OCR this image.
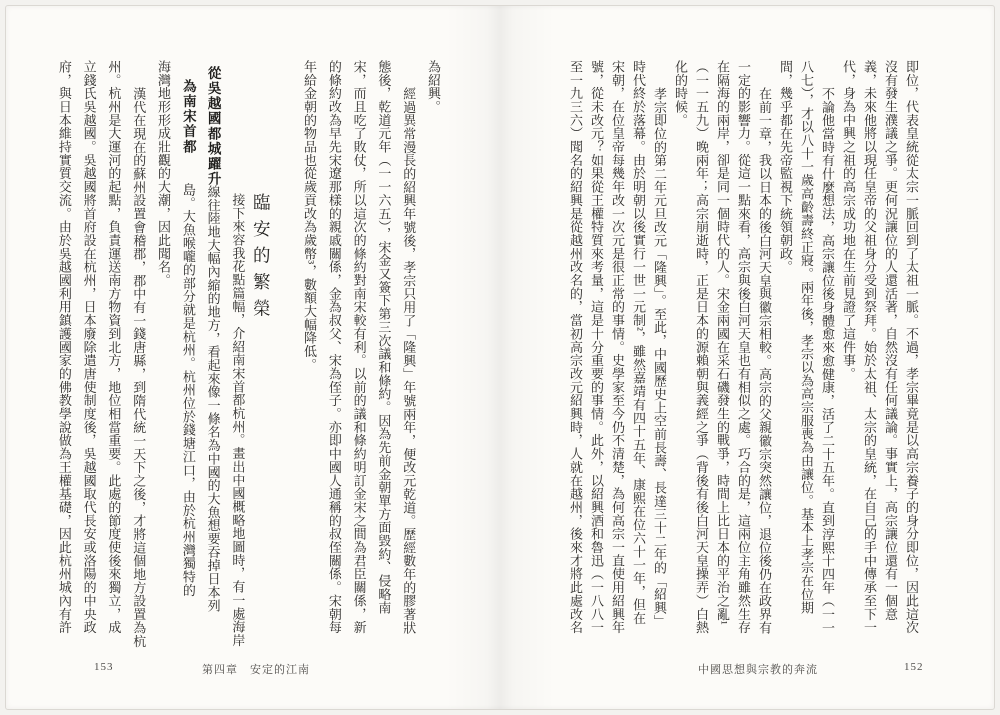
即位，代表皇統從太宗一脈回到了太祖一脈。不過，孝宗畢竟是以高宗養子的身分即位，因此這次
沒有發生濮議之爭。更何況讓位的人還活著，自然沒有任何議論。事實上，高宗讓位還有一個意
義，未來他將以現任皇帝的父祖身分受到祭拜。始於太祖、太宗的皇統，在自己的手中傳承至下一
代，身為中興之祖的高宗成功地在生前見證了這件事。
不論他當時有什麼想法，高宗讓位後身體愈來愈健康，活了二十五年。直到淳熙十四年（一一
八七），才以八十一歲高齡壽終正寢。兩年後，孝宗以為高宗服喪為由讓位。基本上孝宗在位期
間，幾乎都在先帝監視下統領朝政。
在前一章，我以日本的後白河天皇與徽宗相較。高宗的父親徽宗突然讓位，退位後仍在政界有
一定的影響力。從這一點來看，高宗與後白河天皇也有相似之處。巧合的是，這兩位主角雖然生存
在隔海的兩岸，卻是同一個時代的人。宋金兩國在采石磯發生的戰爭，時間上比日本的平治之亂¹
（一一五九）晚兩年；高宗崩逝時，正是日本的源賴朝與義經之爭（背後有後白河天皇操弄）白熱
化的時候。
孝宗即位的第二年元旦改元「隆興」。至此，中國歷史上空前長壽、長達三十二年的「紹興」
時代終於落幕。由於明朝以後實行一世一元制²，雖然嘉靖有四十五年、康熙在位六十一年，但在
宋朝，在位皇帝每幾年改一次元是很正常的事情。史學家至今仍不清楚，為何高宗一直使用紹興年
號，從未改元？如果從王權特質來考量，這是十分重要的事情。此外，以紹興酒和魯迅（一八八一
至一九三六）聞名的紹興是從越州改名的，當初高宗改元紹興時，人就在越州，後來才將此處改名
中國思想與宗教的奔流	152
為紹興。
經過異常漫長的紹興年號後，孝宗只用了「隆興」年號兩年，便改元乾道。歷經數年的膠著狀
態後，乾道元年（一一六五），宋金又簽下第三次議和條約。因為先前金朝單方面毀約、侵略南
宋，而且吃了敗仗，所以這次的條約對南宋較有利。以前的議和條約明訂金宋之間為君臣關係，新
的條約改為早先宋遼那樣的親戚關係，金為叔父、宋為侄子。亦即中國人通稱的叔侄關係。宋朝每
年給金朝的物品也從歲貢改為歲幣³，數額大幅降低。
臨安的繁榮
接下來容我花點篇幅，介紹南宋首都杭州。畫出中國概略地圖時，有一處海岸
從吳越國都城躍升
線往陸地大幅內縮的地方，看起來像一條名為中國的大魚想要吞掉日本列
為南宋首都
島。大魚喉嚨的部分就是杭州。杭州位於錢塘江口，由於杭州灣獨特的
海灣地形形成壯觀的大潮，因此聞名。
漢代在現在的蘇州設置會稽郡，郡中有一錢唐縣，到隋代統一天下之後，才將這個地方設置為杭
州。杭州是大運河的起點，負責運送南方物資到北方，地位相當重要。此處的節度使後來獨立，成
立錢氏吳越國。吳越國將首府設在杭州，日本廢除遣唐使制度後，吳越國取代長安或洛陽的中央政
府，與日本維持實質交流。由於吳越國利用鎮護國家的佛教學說做為王權基礎，因此杭州城內有許
153	第四章　安定的江南
